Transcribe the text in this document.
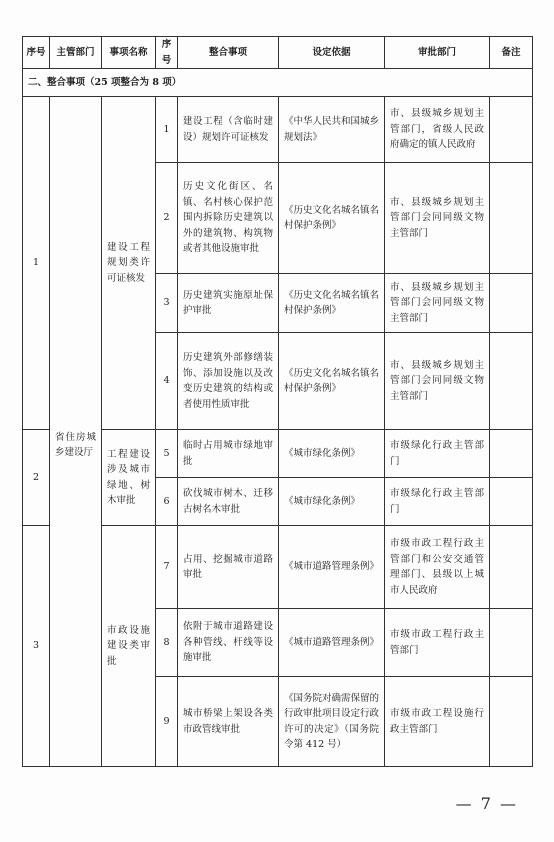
序号	主管部门	事项名称	序号	整合事项	设定依据	审批部门	备注
二、整合事项（25 项整合为 8 项）							
1		建设工程规划类许可证核发	1	建设工程（含临时建设）规划许可证核发	《中华人民共和国城乡规划法》	市、县级城乡规划主管部门，省级人民政府确定的镇人民政府	
			2	历史文化街区、名镇、名村核心保护范围内拆除历史建筑以外的建筑物、构筑物或者其他设施审批	《历史文化名城名镇名村保护条例》	市、县级城乡规划主管部门会同同级文物主管部门	
			3	历史建筑实施原址保护审批	《历史文化名城名镇名村保护条例》	市、县级城乡规划主管部门会同同级文物主管部门	
			4	历史建筑外部修缮装饰、添加设施以及改变历史建筑的结构或者使用性质审批	《历史文化名城名镇名村保护条例》	市、县级城乡规划主管部门会同同级文物主管部门	
2	省住房城乡建设厅	工程建设涉及城市绿地、树木审批	5	临时占用城市绿地审批	《城市绿化条例》	市级绿化行政主管部门	
			6	砍伐城市树木、迁移古树名木审批	《城市绿化条例》	市级绿化行政主管部门	
3		市政设施建设类审批	7	占用、挖掘城市道路审批	《城市道路管理条例》	市级市政工程行政主管部门和公安交通管理部门、县级以上城市人民政府	
			8	依附于城市道路建设各种管线、杆线等设施审批	《城市道路管理条例》	市级市政工程行政主管部门	
			9	城市桥梁上架设各类市政管线审批	《国务院对确需保留的行政审批项目设定行政许可的决定》（国务院令第 412 号）	市级市政工程设施行政主管部门	
— 7 —
